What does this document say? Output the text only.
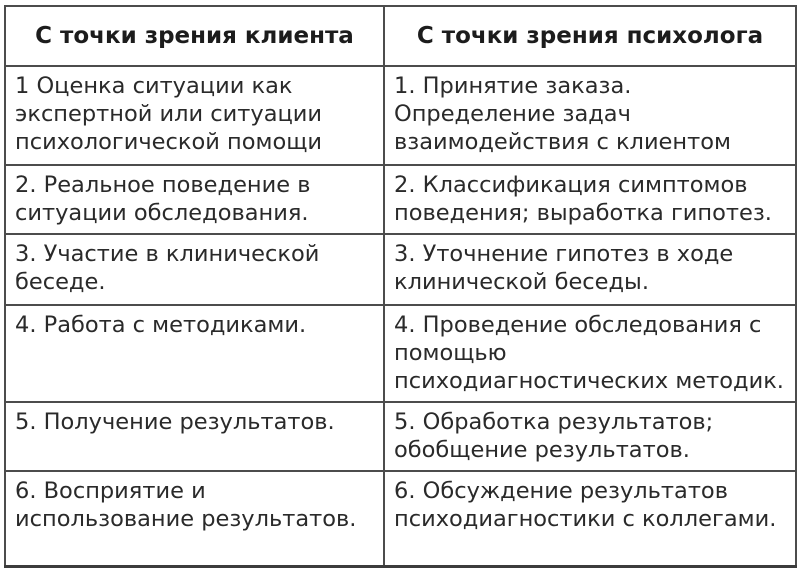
С точки зрения клиента	С точки зрения психолога
1 Оценка ситуации как экспертной или ситуации психологической помощи	1. Принятие заказа. Определение задач взаимодействия с клиентом
2. Реальное поведение в ситуации обследования.	2. Классификация симптомов поведения; выработка гипотез.
3. Участие в клинической беседе.	3. Уточнение гипотез в ходе клинической беседы.
4. Работа с методиками.	4. Проведение обследования с помощью психодиагностических методик.
5. Получение результатов.	5. Обработка результатов; обобщение результатов.
6. Восприятие и использование результатов.	6. Обсуждение результатов психодиагностики с коллегами.
